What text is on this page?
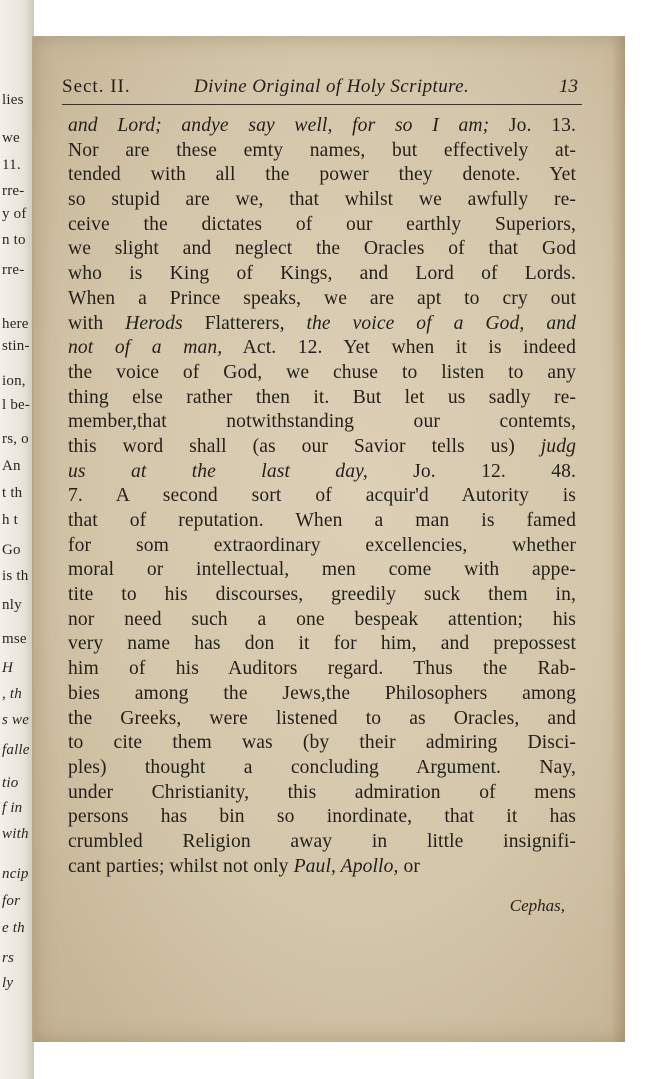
lies
we
11.
rre-
y of
n to
rre-
here
stin-
ion,
l be-
rs, o
An
t th
h t
Go
is th
nly
mse
H
, th
s we
falle
tio
f in
with
ncip
for
e th
rs
ly
Sect. II.	Divine Original of Holy Scripture.	13
and Lord; andye say well, for so I am; Jo. 13.
Nor are these emty names, but effectively at-
tended with all the power they denote. Yet
so stupid are we, that whilst we awfully re-
ceive the dictates of our earthly Superiors,
we slight and neglect the Oracles of that God
who is King of Kings, and Lord of Lords.
When a Prince speaks, we are apt to cry out
with Herods Flatterers, the voice of a God, and
not of a man, Act. 12. Yet when it is indeed
the voice of God, we chuse to listen to any
thing else rather then it. But let us sadly re-
member,that notwithstanding our contemts,
this word shall (as our Savior tells us) judg
us at the last day, Jo. 12. 48.
7. A second sort of acquir'd Autority is
that of reputation. When a man is famed
for som extraordinary excellencies, whether
moral or intellectual, men come with appe-
tite to his discourses, greedily suck them in,
nor need such a one bespeak attention; his
very name has don it for him, and prepossest
him of his Auditors regard. Thus the Rab-
bies among the Jews,the Philosophers among
the Greeks, were listened to as Oracles, and
to cite them was (by their admiring Disci-
ples) thought a concluding Argument. Nay,
under Christianity, this admiration of mens
persons has bin so inordinate, that it has
crumbled Religion away in little insignifi-
cant parties; whilst not only Paul, Apollo, or
Cephas,
